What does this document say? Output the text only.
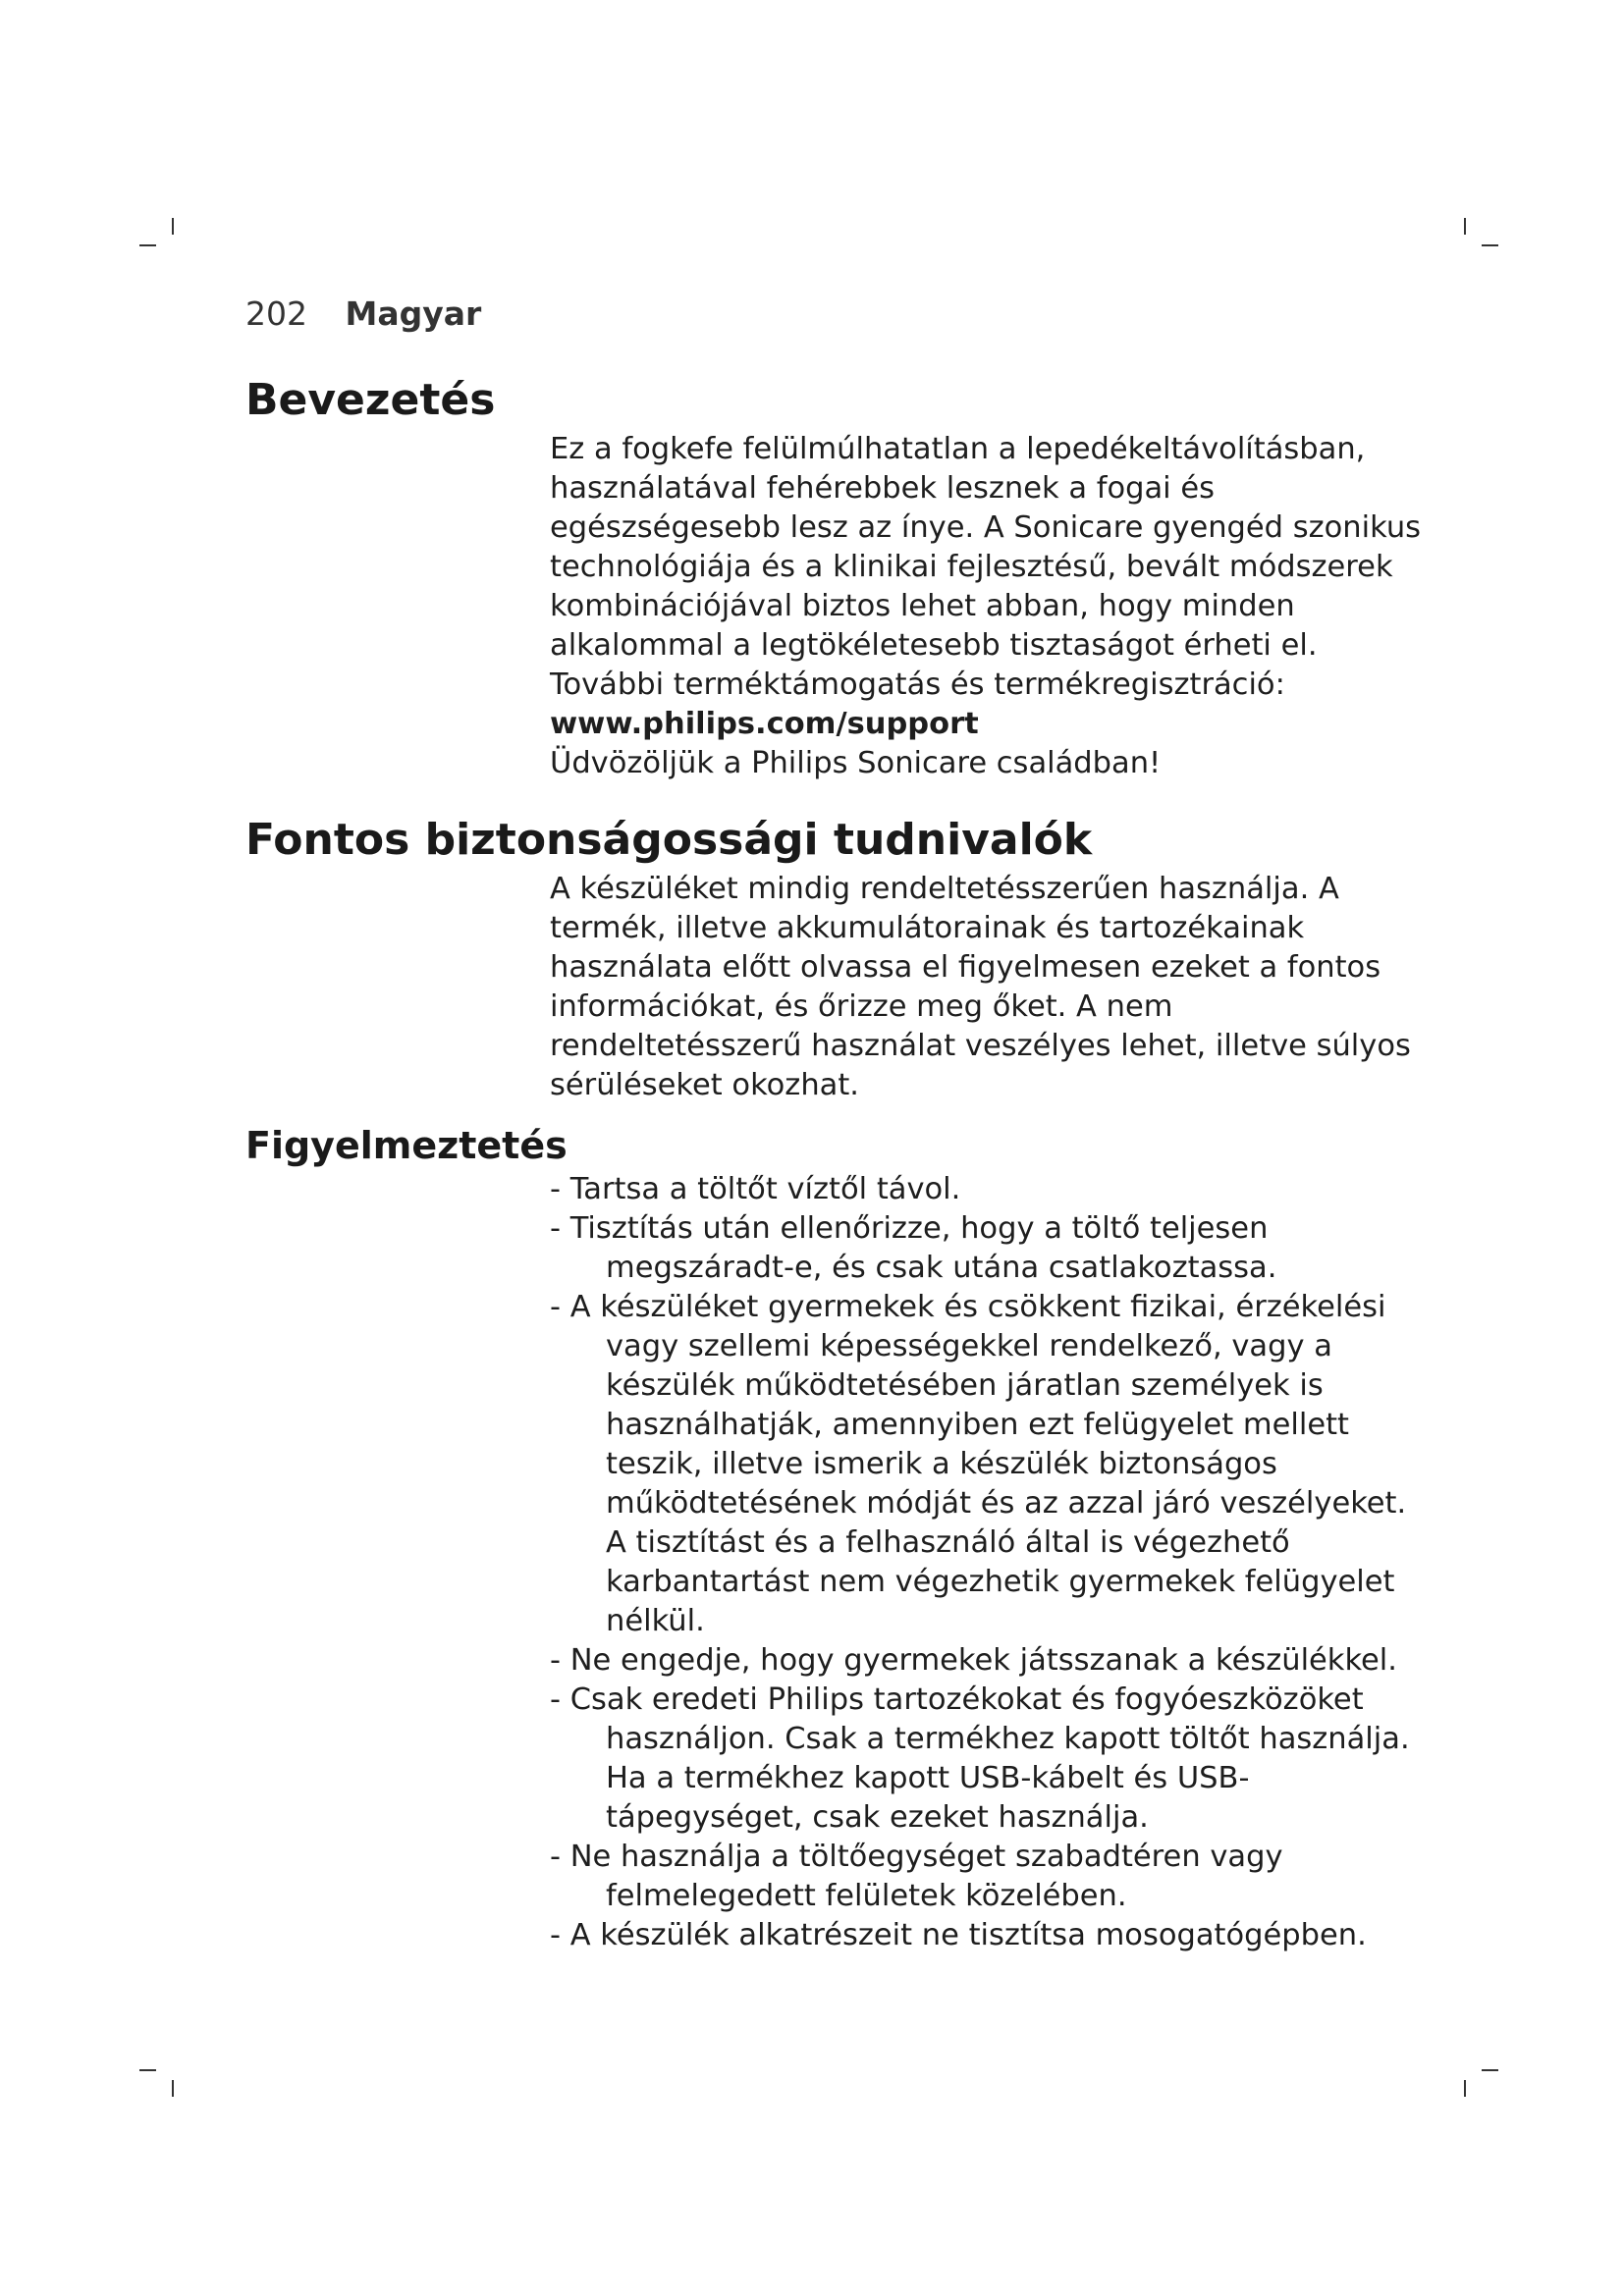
202 Magyar
Bevezetés
Ez a fogkefe felülmúlhatatlan a lepedékeltávolításban,
használatával fehérebbek lesznek a fogai és
egészségesebb lesz az ínye. A Sonicare gyengéd szonikus
technológiája és a klinikai fejlesztésű, bevált módszerek
kombinációjával biztos lehet abban, hogy minden
alkalommal a legtökéletesebb tisztaságot érheti el.
További terméktámogatás és termékregisztráció:
www.philips.com/support
Üdvözöljük a Philips Sonicare családban!
Fontos biztonságossági tudnivalók
A készüléket mindig rendeltetésszerűen használja. A
termék, illetve akkumulátorainak és tartozékainak
használata előtt olvassa el figyelmesen ezeket a fontos
információkat, és őrizze meg őket. A nem
rendeltetésszerű használat veszélyes lehet, illetve súlyos
sérüléseket okozhat.
Figyelmeztetés
- Tartsa a töltőt víztől távol.
- Tisztítás után ellenőrizze, hogy a töltő teljesen megszáradt-e, és csak utána csatlakoztassa.
- A készüléket gyermekek és csökkent fizikai, érzékelési vagy szellemi képességekkel rendelkező, vagy a készülék működtetésében járatlan személyek is használhatják, amennyiben ezt felügyelet mellett teszik, illetve ismerik a készülék biztonságos működtetésének módját és az azzal járó veszélyeket. A tisztítást és a felhasználó által is végezhető karbantartást nem végezhetik gyermekek felügyelet nélkül.
- Ne engedje, hogy gyermekek játsszanak a készülékkel.
- Csak eredeti Philips tartozékokat és fogyóeszközöket használjon. Csak a termékhez kapott töltőt használja. Ha a termékhez kapott USB-kábelt és USB-tápegységet, csak ezeket használja.
- Ne használja a töltőegységet szabadtéren vagy felmelegedett felületek közelében.
- A készülék alkatrészeit ne tisztítsa mosogatógépben.
